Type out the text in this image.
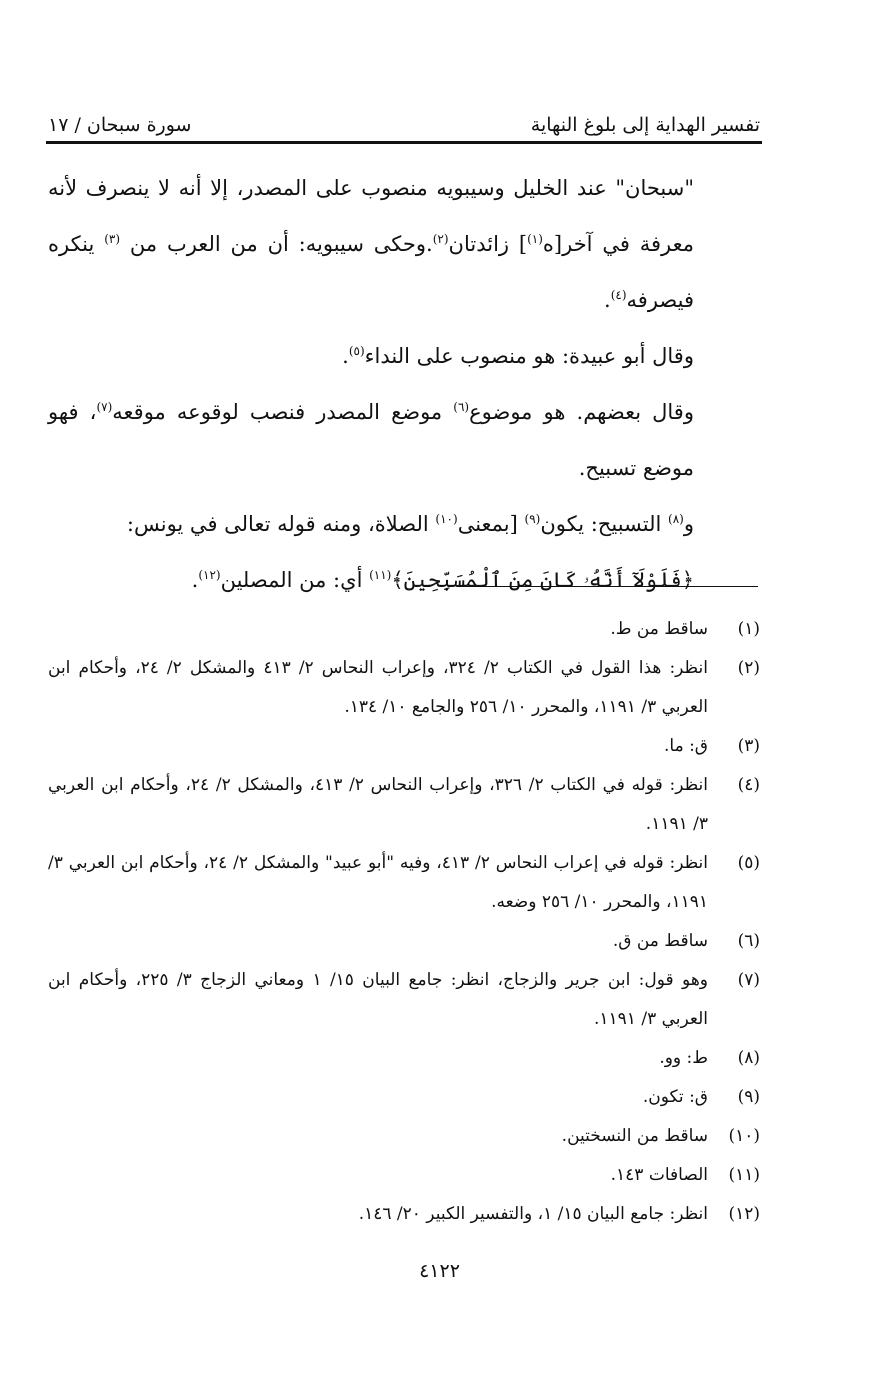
تفسير الهداية إلى بلوغ النهاية
سورة سبحان / ١٧

"سبحان" عند الخليل وسيبويه منصوب على المصدر، إلا أنه لا ينصرف لأنه معرفة في آخر[ه$^{(١)}$] زائدتان$^{(٢)}$.وحكى سيبويه: أن من العرب من $^{(٣)}$ ينكره فيصرفه$^{(٤)}$.

وقال أبو عبيدة: هو منصوب على النداء$^{(٥)}$.

وقال بعضهم. هو موضوع$^{(٦)}$ موضع المصدر فنصب لوقوعه موقعه$^{(٧)}$، فهو موضع تسبيح.

و$^{(٨)}$ التسبيح: يكون$^{(٩)}$ [بمعنى$^{(١٠)}$ الصلاة، ومنه قوله تعالى في يونس:

﴿فَلَوْلَآ أَنَّهُۥ كَانَ مِنَ ٱلْمُسَبِّحِينَ﴾$^{(١١)}$ أي: من المصلين$^{(١٢)}$.

(١)
ساقط من ط.
(٢)
انظر: هذا القول في الكتاب ٢/ ٣٢٤، وإعراب النحاس ٢/ ٤١٣ والمشكل ٢/ ٢٤، وأحكام ابن العربي ٣/ ١١٩١، والمحرر ١٠/ ٢٥٦ والجامع ١٠/ ١٣٤.
(٣)
ق: ما.
(٤)
انظر: قوله في الكتاب ٢/ ٣٢٦، وإعراب النحاس ٢/ ٤١٣، والمشكل ٢/ ٢٤، وأحكام ابن العربي ٣/ ١١٩١.
(٥)
انظر: قوله في إعراب النحاس ٢/ ٤١٣، وفيه "أبو عبيد" والمشكل ٢/ ٢٤، وأحكام ابن العربي ٣/ ١١٩١، والمحرر ١٠/ ٢٥٦ وضعه.
(٦)
ساقط من ق.
(٧)
وهو قول: ابن جرير والزجاج، انظر: جامع البيان ١٥/ ١ ومعاني الزجاج ٣/ ٢٢٥، وأحكام ابن العربي ٣/ ١١٩١.
(٨)
ط: وو.
(٩)
ق: تكون.
(١٠)
ساقط من النسختين.
(١١)
الصافات ١٤٣.
(١٢)
انظر: جامع البيان ١٥/ ١، والتفسير الكبير ٢٠/ ١٤٦.
٤١٢٢
